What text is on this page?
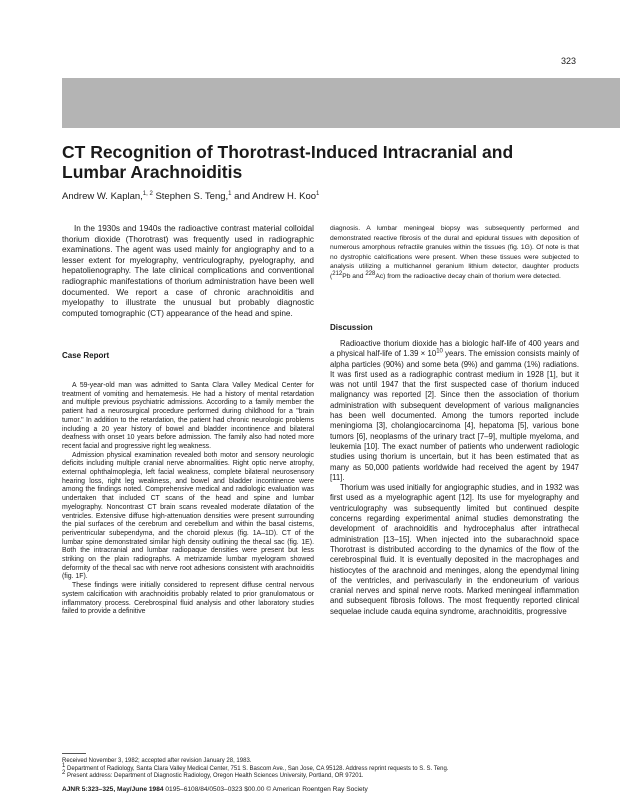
323
CT Recognition of Thorotrast-Induced Intracranial and Lumbar Arachnoiditis
Andrew W. Kaplan,$^{1, 2}$ Stephen S. Teng,$^1$ and Andrew H. Koo$^1$

In the 1930s and 1940s the radioactive contrast material colloidal thorium dioxide (Thorotrast) was frequently used in radiographic examinations. The agent was used mainly for angiography and to a lesser extent for myelography, ventriculography, pyelography, and hepatolienography. The late clinical complications and conventional radiographic manifestations of thorium administration have been well documented. We report a case of chronic arachnoiditis and myelopathy to illustrate the unusual but probably diagnostic computed tomographic (CT) appearance of the head and spine.

Case Report

A 59-year-old man was admitted to Santa Clara Valley Medical Center for treatment of vomiting and hematemesis. He had a history of mental retardation and multiple previous psychiatric admissions. According to a family member the patient had a neurosurgical procedure performed during childhood for a "brain tumor." In addition to the retardation, the patient had chronic neurologic problems including a 20 year history of bowel and bladder incontinence and bilateral deafness with onset 10 years before admission. The family also had noted more recent facial and progressive right leg weakness.

Admission physical examination revealed both motor and sensory neurologic deficits including multiple cranial nerve abnormalities. Right optic nerve atrophy, external ophthalmoplegia, left facial weakness, complete bilateral neurosensory hearing loss, right leg weakness, and bowel and bladder incontinence were among the findings noted. Comprehensive medical and radiologic evaluation was undertaken that included CT scans of the head and spine and lumbar myelography. Noncontrast CT brain scans revealed moderate dilatation of the ventricles. Extensive diffuse high-attenuation densities were present surrounding the pial surfaces of the cerebrum and cerebellum and within the basal cisterns, periventricular subependyma, and the choroid plexus (fig. 1A–1D). CT of the lumbar spine demonstrated similar high density outlining the thecal sac (fig. 1E). Both the intracranial and lumbar radiopaque densities were present but less striking on the plain radiographs. A metrizamide lumbar myelogram showed deformity of the thecal sac with nerve root adhesions consistent with arachnoiditis (fig. 1F).

These findings were initially considered to represent diffuse central nervous system calcification with arachnoiditis probably related to prior granulomatous or inflammatory process. Cerebrospinal fluid analysis and other laboratory studies failed to provide a definitive

diagnosis. A lumbar meningeal biopsy was subsequently performed and demonstrated reactive fibrosis of the dural and epidural tissues with deposition of numerous amorphous refractile granules within the tissues (fig. 1G). Of note is that no dystrophic calcifications were present. When these tissues were subjected to analysis utilizing a multichannel geranium lithium detector, daughter products ($^{212}$Pb and $^{228}$Ac) from the radioactive decay chain of thorium were detected.

Discussion

Radioactive thorium dioxide has a biologic half-life of 400 years and a physical half-life of $1.39 \times 10^{10}$ years. The emission consists mainly of alpha particles (90%) and some beta (9%) and gamma (1%) radiations. It was first used as a radiographic contrast medium in 1928 [1], but it was not until 1947 that the first suspected case of thorium induced malignancy was reported [2]. Since then the association of thorium administration with subsequent development of various malignancies has been well documented. Among the tumors reported include meningioma [3], cholangiocarcinoma [4], hepatoma [5], various bone tumors [6], neoplasms of the urinary tract [7–9], multiple myeloma, and leukemia [10]. The exact number of patients who underwent radiologic studies using thorium is uncertain, but it has been estimated that as many as 50,000 patients worldwide had received the agent by 1947 [11].

Thorium was used initially for angiographic studies, and in 1932 was first used as a myelographic agent [12]. Its use for myelography and ventriculography was subsequently limited but continued despite concerns regarding experimental animal studies demonstrating the development of arachnoiditis and hydrocephalus after intrathecal administration [13–15]. When injected into the subarachnoid space Thorotrast is distributed according to the dynamics of the flow of the cerebrospinal fluid. It is eventually deposited in the macrophages and histiocytes of the arachnoid and meninges, along the ependymal lining of the ventricles, and perivascularly in the endoneurium of various cranial nerves and spinal nerve roots. Marked meningeal inflammation and subsequent fibrosis follows. The most frequently reported clinical sequelae include cauda equina syndrome, arachnoiditis, progressive

Received November 3, 1982; accepted after revision January 28, 1983.
$^1$ Department of Radiology, Santa Clara Valley Medical Center, 751 S. Bascom Ave., San Jose, CA 95128. Address reprint requests to S. S. Teng.
$^2$ Present address: Department of Diagnostic Radiology, Oregon Health Sciences University, Portland, OR 97201.
AJNR 5:323–325, May/June 1984 0195–6108/84/0503–0323 $00.00 © American Roentgen Ray Society
